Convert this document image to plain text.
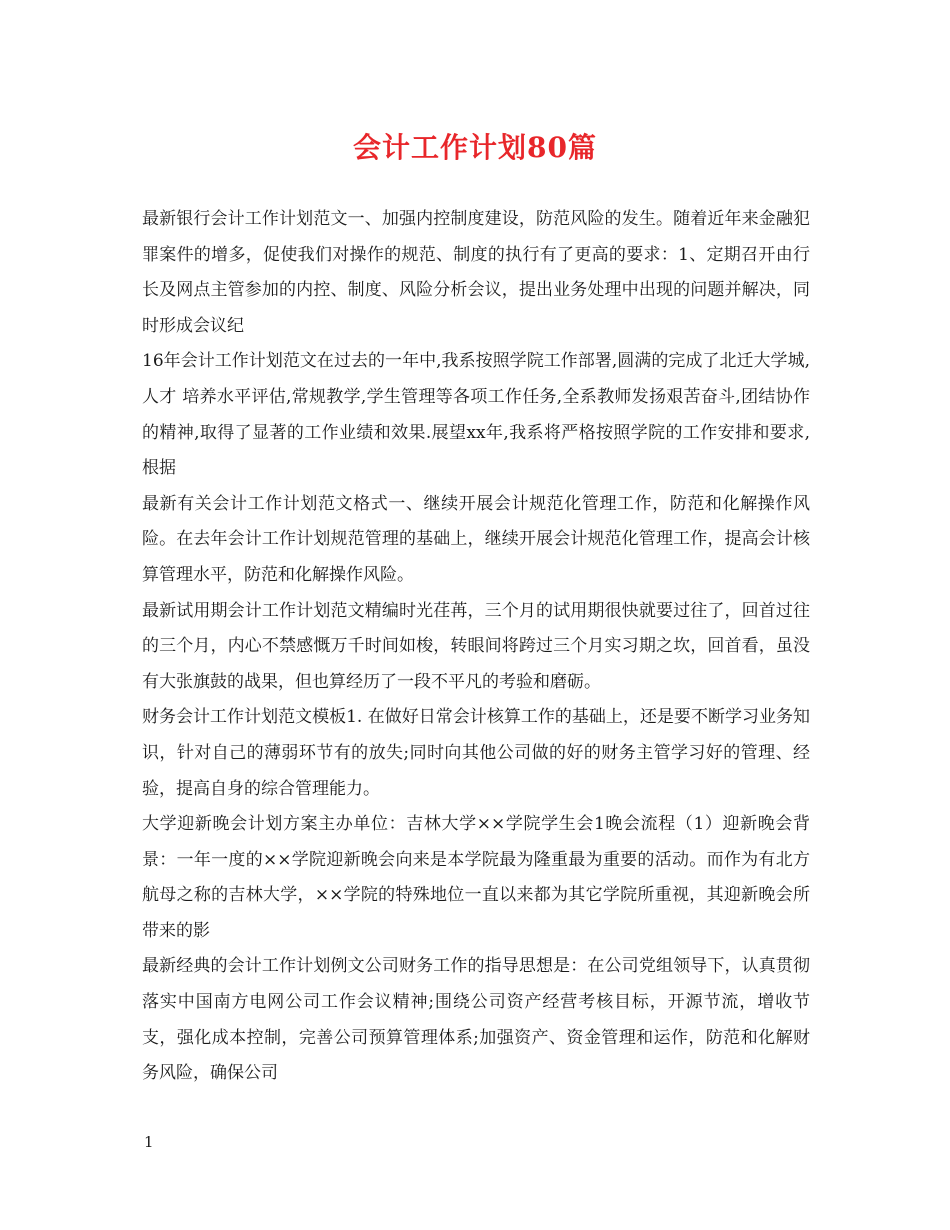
会计工作计划80篇

最新银行会计工作计划范文一、加强内控制度建设，防范风险的发生。随着近年来金融犯罪案件的增多，促使我们对操作的规范、制度的执行有了更高的要求：1、定期召开由行长及网点主管参加的内控、制度、风险分析会议，提出业务处理中出现的问题并解决，同时形成会议纪

16年会计工作计划范文在过去的一年中,我系按照学院工作部署,圆满的完成了北迁大学城, 人才 培养水平评估,常规教学,学生管理等各项工作任务,全系教师发扬艰苦奋斗,团结协作的精神,取得了显著的工作业绩和效果.展望xx年,我系将严格按照学院的工作安排和要求,根据

最新有关会计工作计划范文格式一、继续开展会计规范化管理工作，防范和化解操作风险。在去年会计工作计划规范管理的基础上，继续开展会计规范化管理工作，提高会计核算管理水平，防范和化解操作风险。

最新试用期会计工作计划范文精编时光荏苒，三个月的试用期很快就要过往了，回首过往的三个月，内心不禁感慨万千时间如梭，转眼间将跨过三个月实习期之坎，回首看，虽没有大张旗鼓的战果，但也算经历了一段不平凡的考验和磨砺。

财务会计工作计划范文模板1. 在做好日常会计核算工作的基础上，还是要不断学习业务知识，针对自己的薄弱环节有的放失;同时向其他公司做的好的财务主管学习好的管理、经验，提高自身的综合管理能力。

大学迎新晚会计划方案主办单位：吉林大学××学院学生会1晚会流程（1）迎新晚会背景：一年一度的××学院迎新晚会向来是本学院最为隆重最为重要的活动。而作为有北方航母之称的吉林大学，××学院的特殊地位一直以来都为其它学院所重视，其迎新晚会所带来的影

最新经典的会计工作计划例文公司财务工作的指导思想是：在公司党组领导下，认真贯彻落实中国南方电网公司工作会议精神;围绕公司资产经营考核目标，开源节流，增收节支，强化成本控制，完善公司预算管理体系;加强资产、资金管理和运作，防范和化解财务风险，确保公司

1
